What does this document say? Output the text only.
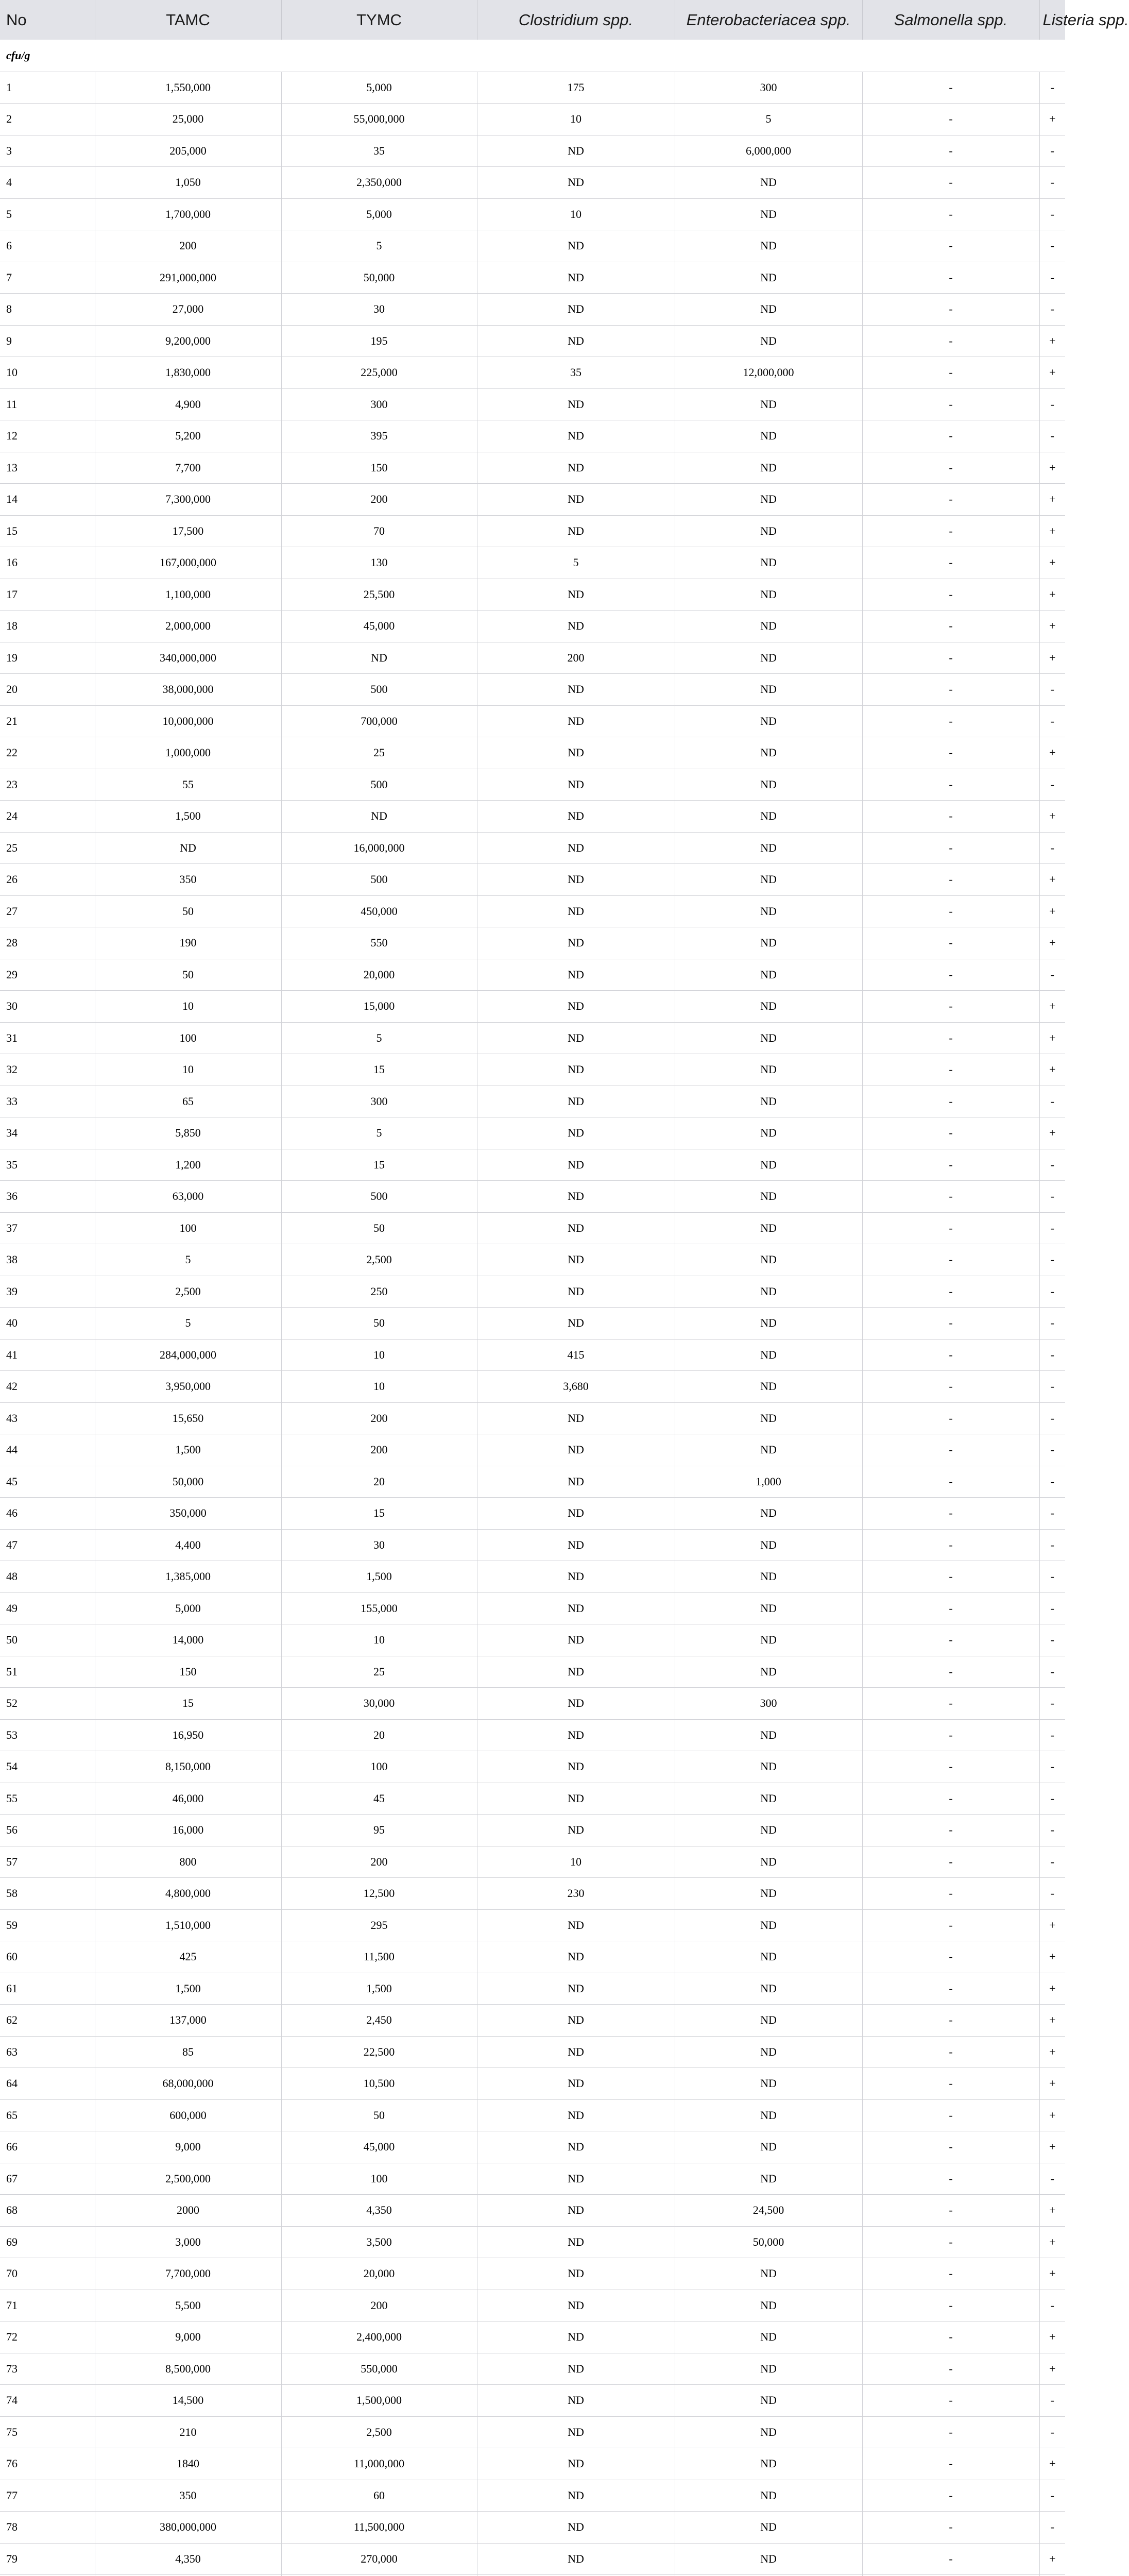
No	TAMC	TYMC	Clostridium spp.	Enterobacteriacea spp.	Salmonella spp.	Listeria spp.
cfu/g						
1	1,550,000	5,000	175	300	-	-
2	25,000	55,000,000	10	5	-	+
3	205,000	35	ND	6,000,000	-	-
4	1,050	2,350,000	ND	ND	-	-
5	1,700,000	5,000	10	ND	-	-
6	200	5	ND	ND	-	-
7	291,000,000	50,000	ND	ND	-	-
8	27,000	30	ND	ND	-	-
9	9,200,000	195	ND	ND	-	+
10	1,830,000	225,000	35	12,000,000	-	+
11	4,900	300	ND	ND	-	-
12	5,200	395	ND	ND	-	-
13	7,700	150	ND	ND	-	+
14	7,300,000	200	ND	ND	-	+
15	17,500	70	ND	ND	-	+
16	167,000,000	130	5	ND	-	+
17	1,100,000	25,500	ND	ND	-	+
18	2,000,000	45,000	ND	ND	-	+
19	340,000,000	ND	200	ND	-	+
20	38,000,000	500	ND	ND	-	-
21	10,000,000	700,000	ND	ND	-	-
22	1,000,000	25	ND	ND	-	+
23	55	500	ND	ND	-	-
24	1,500	ND	ND	ND	-	+
25	ND	16,000,000	ND	ND	-	-
26	350	500	ND	ND	-	+
27	50	450,000	ND	ND	-	+
28	190	550	ND	ND	-	+
29	50	20,000	ND	ND	-	-
30	10	15,000	ND	ND	-	+
31	100	5	ND	ND	-	+
32	10	15	ND	ND	-	+
33	65	300	ND	ND	-	-
34	5,850	5	ND	ND	-	+
35	1,200	15	ND	ND	-	-
36	63,000	500	ND	ND	-	-
37	100	50	ND	ND	-	-
38	5	2,500	ND	ND	-	-
39	2,500	250	ND	ND	-	-
40	5	50	ND	ND	-	-
41	284,000,000	10	415	ND	-	-
42	3,950,000	10	3,680	ND	-	-
43	15,650	200	ND	ND	-	-
44	1,500	200	ND	ND	-	-
45	50,000	20	ND	1,000	-	-
46	350,000	15	ND	ND	-	-
47	4,400	30	ND	ND	-	-
48	1,385,000	1,500	ND	ND	-	-
49	5,000	155,000	ND	ND	-	-
50	14,000	10	ND	ND	-	-
51	150	25	ND	ND	-	-
52	15	30,000	ND	300	-	-
53	16,950	20	ND	ND	-	-
54	8,150,000	100	ND	ND	-	-
55	46,000	45	ND	ND	-	-
56	16,000	95	ND	ND	-	-
57	800	200	10	ND	-	-
58	4,800,000	12,500	230	ND	-	-
59	1,510,000	295	ND	ND	-	+
60	425	11,500	ND	ND	-	+
61	1,500	1,500	ND	ND	-	+
62	137,000	2,450	ND	ND	-	+
63	85	22,500	ND	ND	-	+
64	68,000,000	10,500	ND	ND	-	+
65	600,000	50	ND	ND	-	+
66	9,000	45,000	ND	ND	-	+
67	2,500,000	100	ND	ND	-	-
68	2000	4,350	ND	24,500	-	+
69	3,000	3,500	ND	50,000	-	+
70	7,700,000	20,000	ND	ND	-	+
71	5,500	200	ND	ND	-	-
72	9,000	2,400,000	ND	ND	-	+
73	8,500,000	550,000	ND	ND	-	+
74	14,500	1,500,000	ND	ND	-	-
75	210	2,500	ND	ND	-	-
76	1840	11,000,000	ND	ND	-	+
77	350	60	ND	ND	-	-
78	380,000,000	11,500,000	ND	ND	-	-
79	4,350	270,000	ND	ND	-	+
